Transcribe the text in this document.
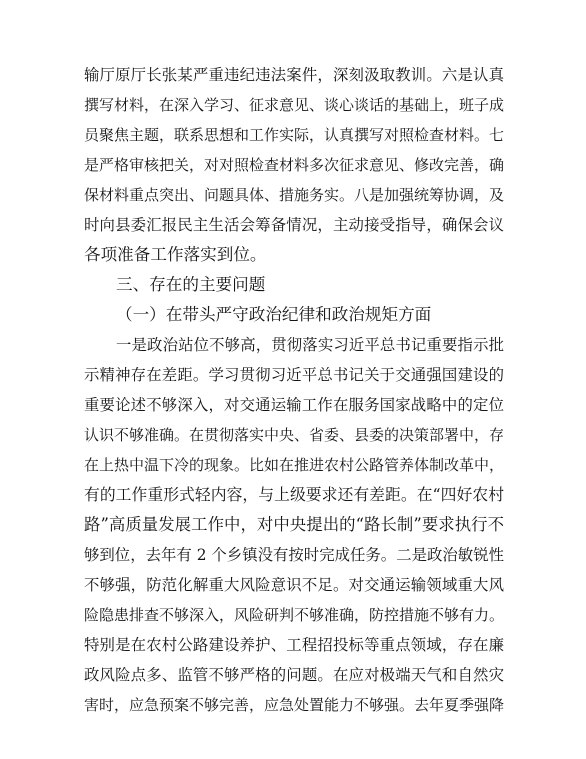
输厅原厅长张某严重违纪违法案件，深刻汲取教训。六是认真
撰写材料，在深入学习、征求意见、谈心谈话的基础上，班子成
员聚焦主题，联系思想和工作实际，认真撰写对照检查材料。七
是严格审核把关，对对照检查材料多次征求意见、修改完善，确
保材料重点突出、问题具体、措施务实。八是加强统筹协调，及
时向县委汇报民主生活会筹备情况，主动接受指导，确保会议
各项准备工作落实到位。
三、存在的主要问题
（一）在带头严守政治纪律和政治规矩方面
一是政治站位不够高，贯彻落实习近平总书记重要指示批
示精神存在差距。学习贯彻习近平总书记关于交通强国建设的
重要论述不够深入，对交通运输工作在服务国家战略中的定位
认识不够准确。在贯彻落实中央、省委、县委的决策部署中，存
在上热中温下冷的现象。比如在推进农村公路管养体制改革中，
有的工作重形式轻内容，与上级要求还有差距。在“四好农村
路”高质量发展工作中，对中央提出的“路长制”要求执行不
够到位，去年有 2 个乡镇没有按时完成任务。二是政治敏锐性
不够强，防范化解重大风险意识不足。对交通运输领域重大风
险隐患排查不够深入，风险研判不够准确，防控措施不够有力。
特别是在农村公路建设养护、工程招投标等重点领域，存在廉
政风险点多、监管不够严格的问题。在应对极端天气和自然灾
害时，应急预案不够完善，应急处置能力不够强。去年夏季强降
